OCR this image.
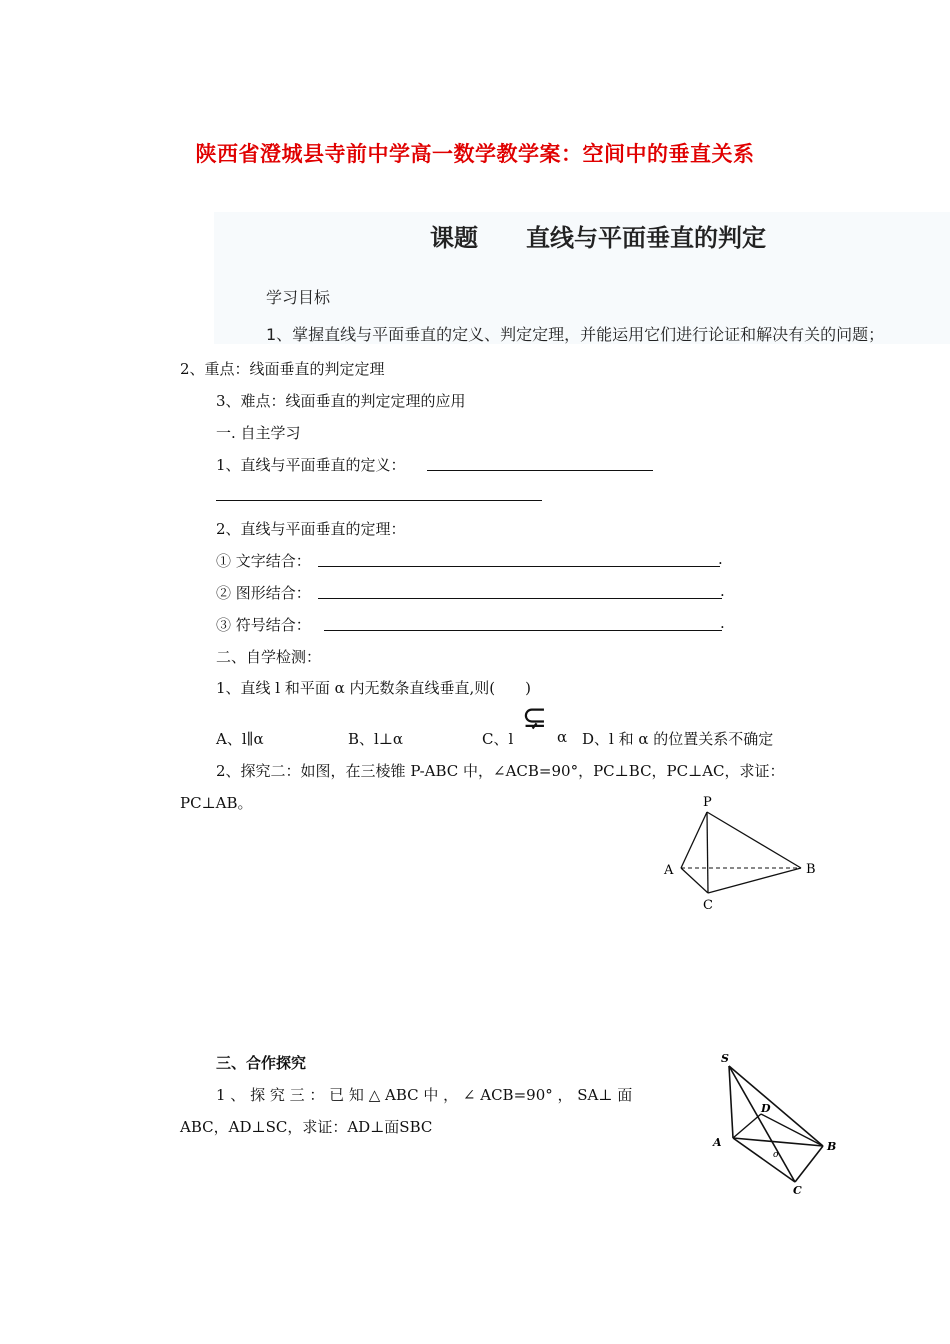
陕西省澄城县寺前中学高一数学教学案：空间中的垂直关系
课题 直线与平面垂直的判定
学习目标
1、掌握直线与平面垂直的定义、判定定理，并能运用它们进行论证和解决有关的问题；
2、重点：线面垂直的判定定理
3、难点：线面垂直的判定定理的应用
一. 自主学习
1、直线与平面垂直的定义：
2、直线与平面垂直的定理：
① 文字结合：	.
② 图形结合：	.
③ 符号结合：	.
二、自学检测：
1、直线 l 和平面 α 内无数条直线垂直,则(　　)
A、l∥α	B、l⊥α	C、l
⊊
α D、l 和 α 的位置关系不确定
2、探究二：如图，在三棱锥 P-ABC 中，∠ACB=90°，PC⊥BC，PC⊥AC，求证：
PC⊥AB。	P
A	B
C
三、合作探究
1 、 探 究 三 ： 已 知 △ ABC 中 ， ∠ ACB=90° ， SA⊥ 面
ABC，AD⊥SC，求证：AD⊥面SBC
S
D
A	B
C
o
